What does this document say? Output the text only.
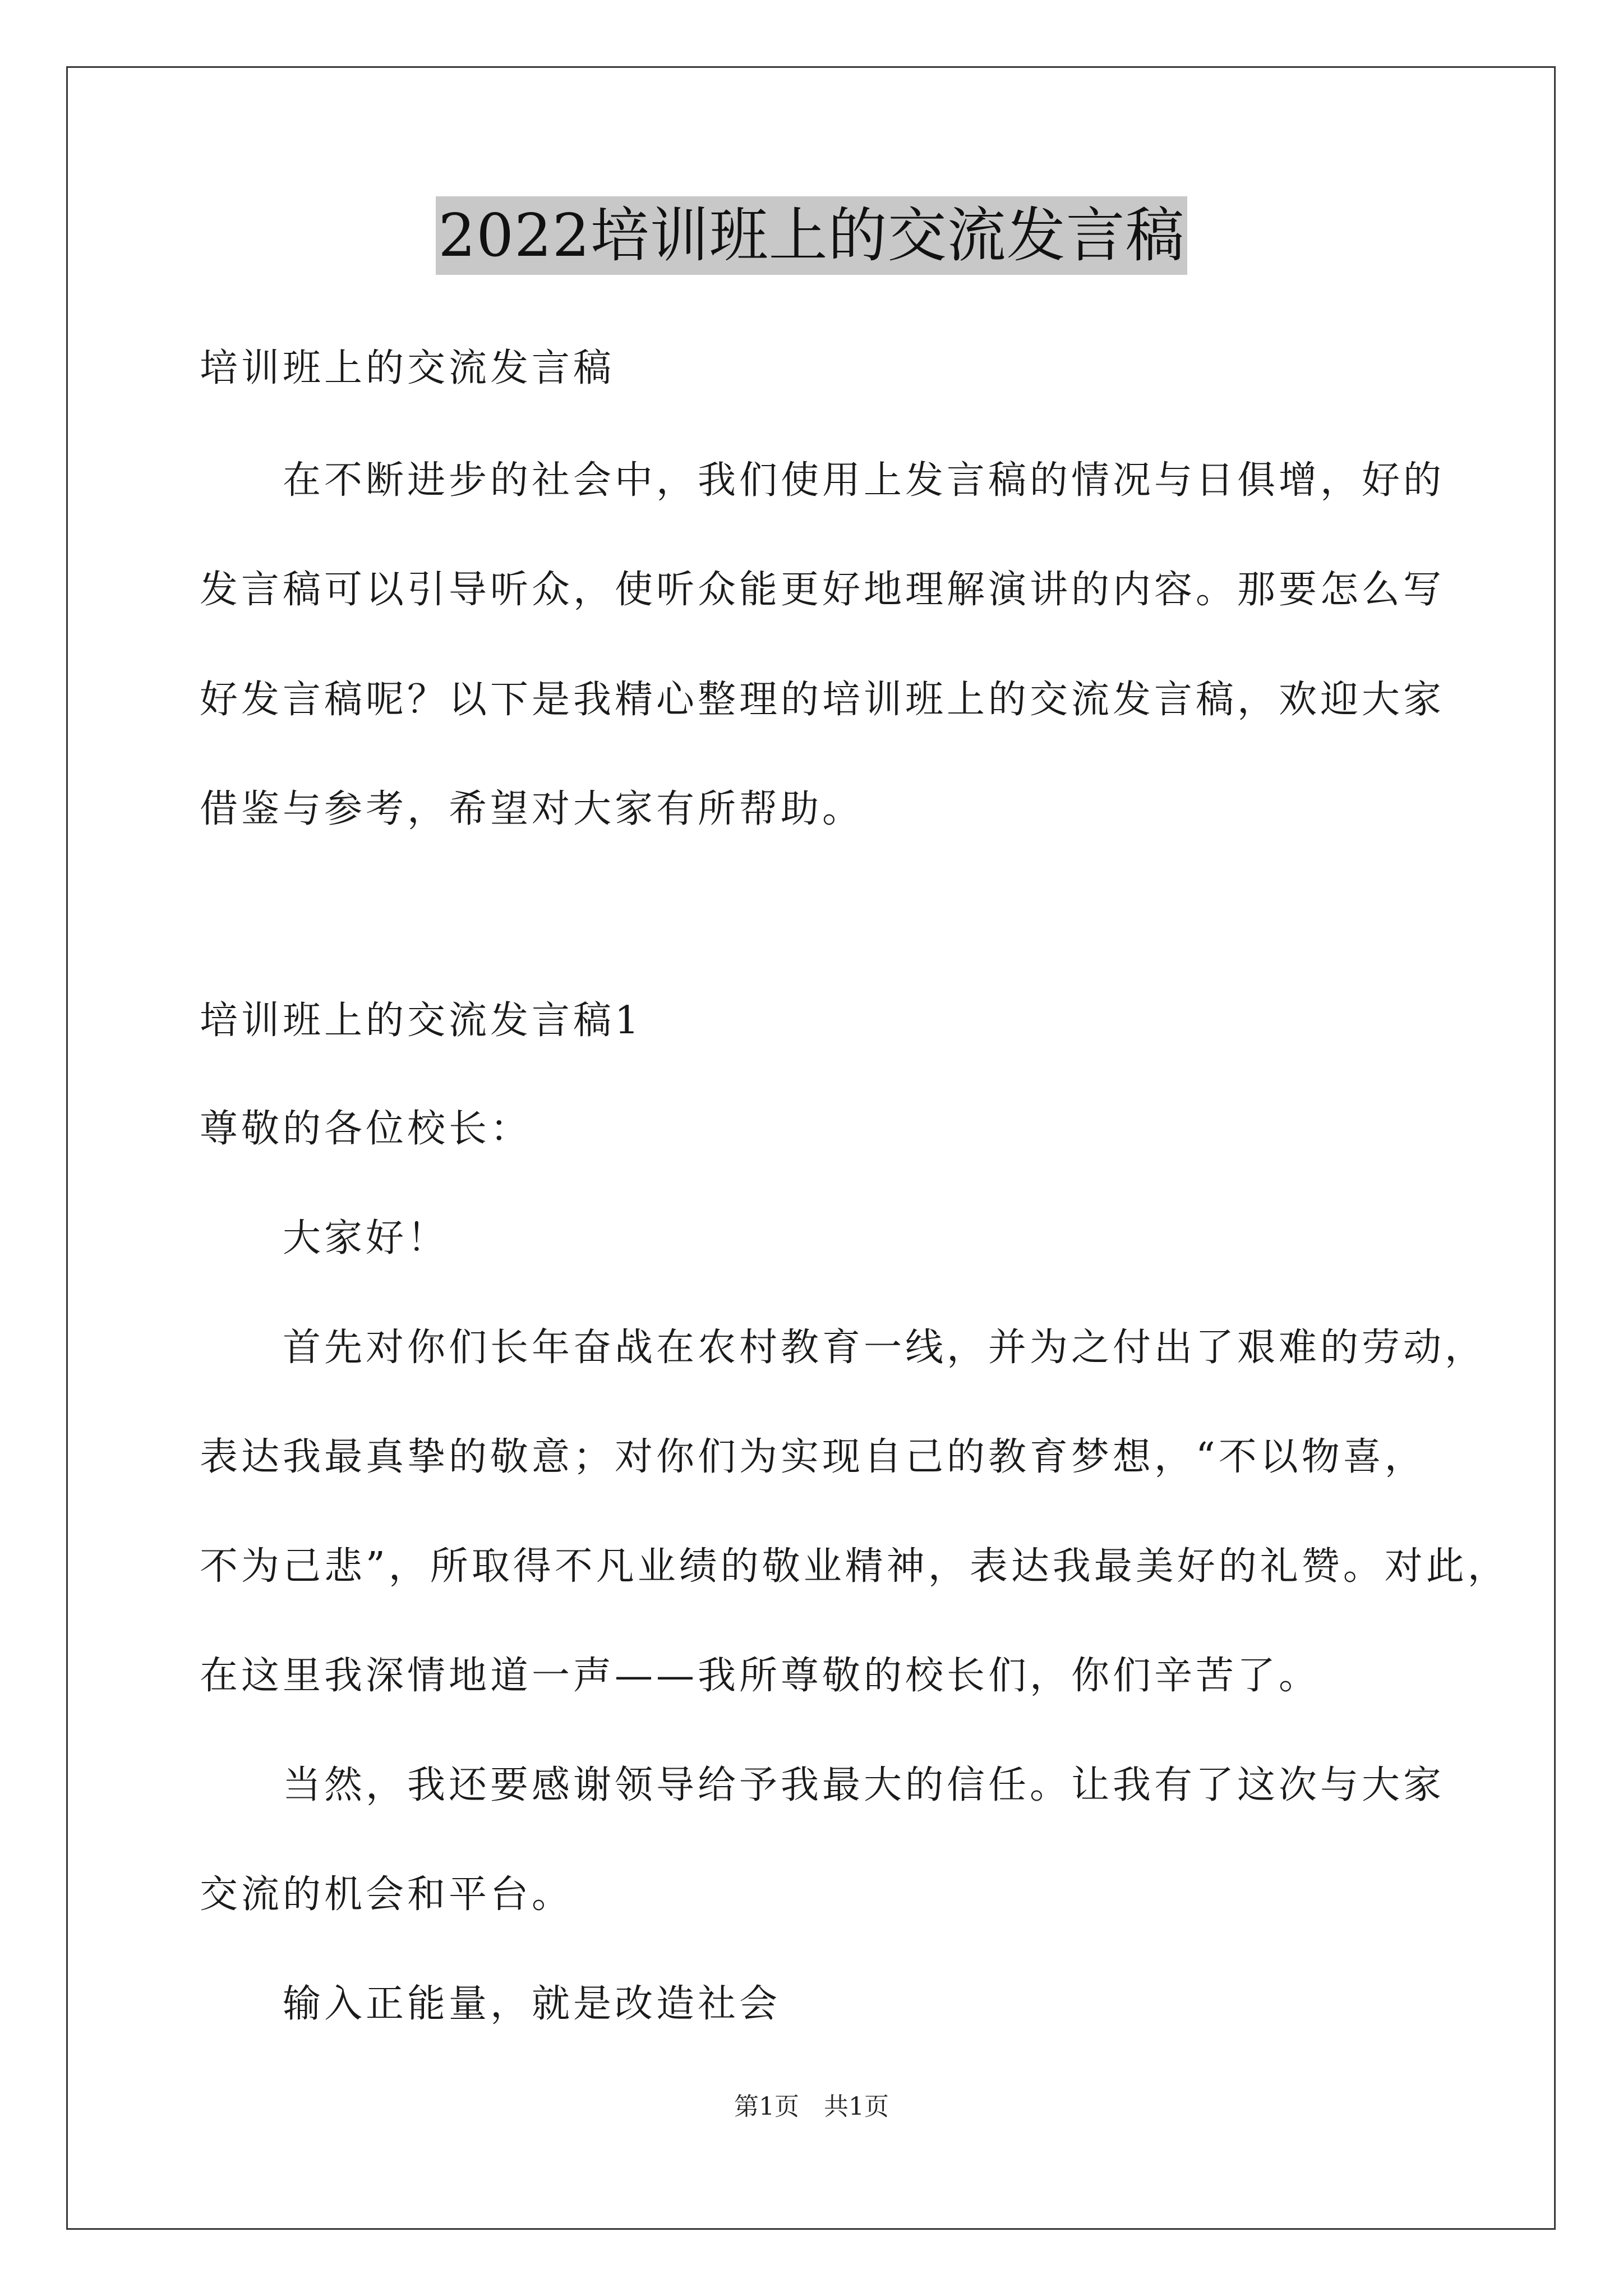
2022培训班上的交流发言稿
培训班上的交流发言稿
　　在不断进步的社会中，我们使用上发言稿的情况与日俱增，好的
发言稿可以引导听众，使听众能更好地理解演讲的内容。那要怎么写
好发言稿呢？以下是我精心整理的培训班上的交流发言稿，欢迎大家
借鉴与参考，希望对大家有所帮助。
培训班上的交流发言稿1
尊敬的各位校长：
　　大家好！
　　首先对你们长年奋战在农村教育一线，并为之付出了艰难的劳动，
表达我最真挚的敬意；对你们为实现自己的教育梦想，“不以物喜，
不为己悲”，所取得不凡业绩的敬业精神，表达我最美好的礼赞。对此，
在这里我深情地道一声——我所尊敬的校长们，你们辛苦了。
　　当然，我还要感谢领导给予我最大的信任。让我有了这次与大家
交流的机会和平台。
　　输入正能量，就是改造社会
第1页　共1页
